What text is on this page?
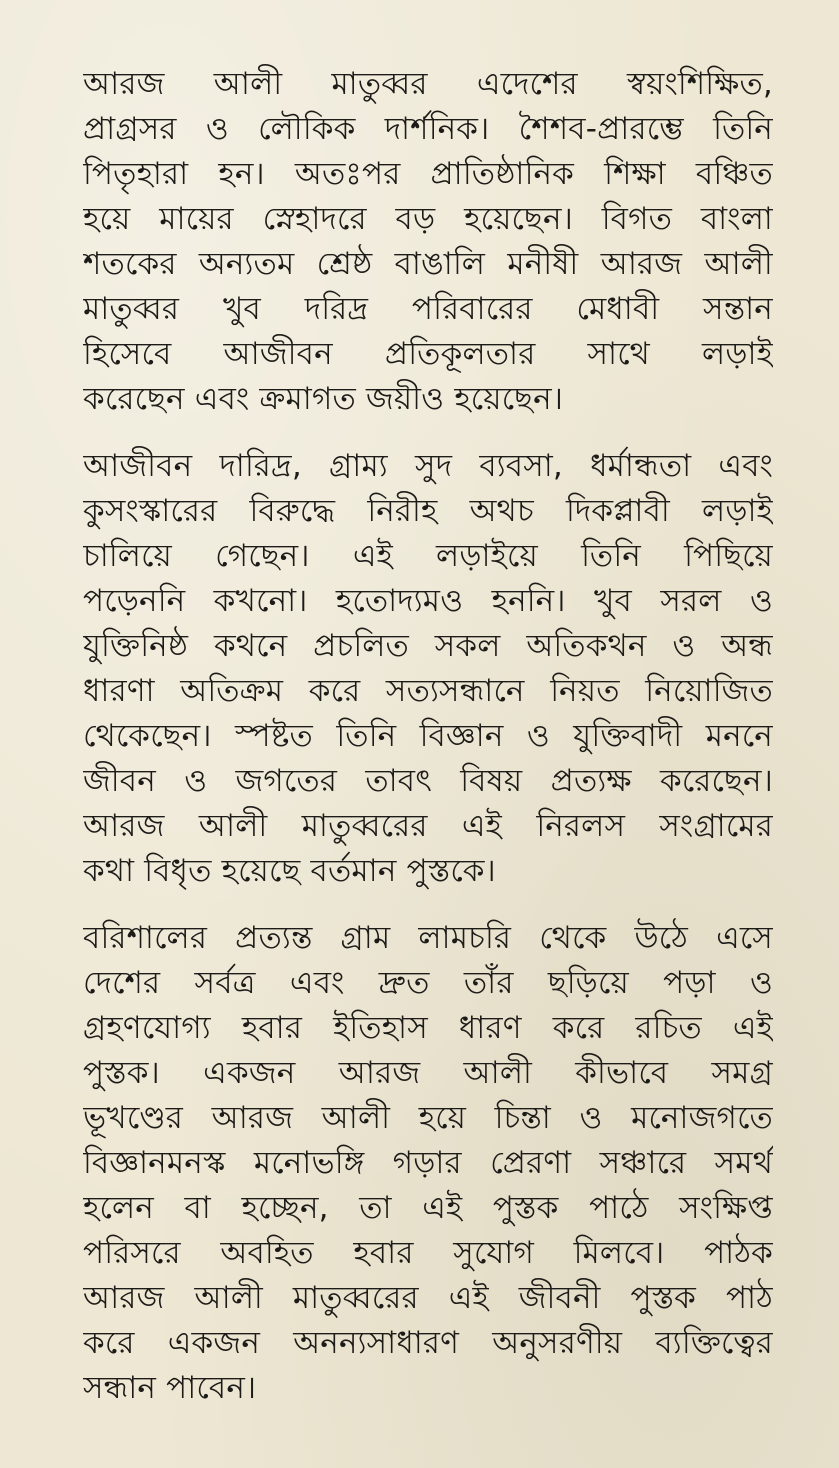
আরজ আলী মাতুব্বর এদেশের স্বয়ংশিক্ষিত,
প্রাগ্রসর ও লৌকিক দার্শনিক। শৈশব-প্রারম্ভে তিনি
পিতৃহারা হন। অতঃপর প্রাতিষ্ঠানিক শিক্ষা বঞ্চিত
হয়ে মায়ের স্নেহাদরে বড় হয়েছেন। বিগত বাংলা
শতকের অন্যতম শ্রেষ্ঠ বাঙালি মনীষী আরজ আলী
মাতুব্বর খুব দরিদ্র পরিবারের মেধাবী সন্তান
হিসেবে আজীবন প্রতিকূলতার সাথে লড়াই
করেছেন এবং ক্রমাগত জয়ীও হয়েছেন।
আজীবন দারিদ্র, গ্রাম্য সুদ ব্যবসা, ধর্মান্ধতা এবং
কুসংস্কারের বিরুদ্ধে নিরীহ অথচ দিকপ্লাবী লড়াই
চালিয়ে গেছেন। এই লড়াইয়ে তিনি পিছিয়ে
পড়েননি কখনো। হতোদ্যমও হননি। খুব সরল ও
যুক্তিনিষ্ঠ কথনে প্রচলিত সকল অতিকথন ও অন্ধ
ধারণা অতিক্রম করে সত্যসন্ধানে নিয়ত নিয়োজিত
থেকেছেন। স্পষ্টত তিনি বিজ্ঞান ও যুক্তিবাদী মননে
জীবন ও জগতের তাবৎ বিষয় প্রত্যক্ষ করেছেন।
আরজ আলী মাতুব্বরের এই নিরলস সংগ্রামের
কথা বিধৃত হয়েছে বর্তমান পুস্তকে।
বরিশালের প্রত্যন্ত গ্রাম লামচরি থেকে উঠে এসে
দেশের সর্বত্র এবং দ্রুত তাঁর ছড়িয়ে পড়া ও
গ্রহণযোগ্য হবার ইতিহাস ধারণ করে রচিত এই
পুস্তক। একজন আরজ আলী কীভাবে সমগ্র
ভূখণ্ডের আরজ আলী হয়ে চিন্তা ও মনোজগতে
বিজ্ঞানমনস্ক মনোভঙ্গি গড়ার প্রেরণা সঞ্চারে সমর্থ
হলেন বা হচ্ছেন, তা এই পুস্তক পাঠে সংক্ষিপ্ত
পরিসরে অবহিত হবার সুযোগ মিলবে। পাঠক
আরজ আলী মাতুব্বরের এই জীবনী পুস্তক পাঠ
করে একজন অনন্যসাধারণ অনুসরণীয় ব্যক্তিত্বের
সন্ধান পাবেন।
